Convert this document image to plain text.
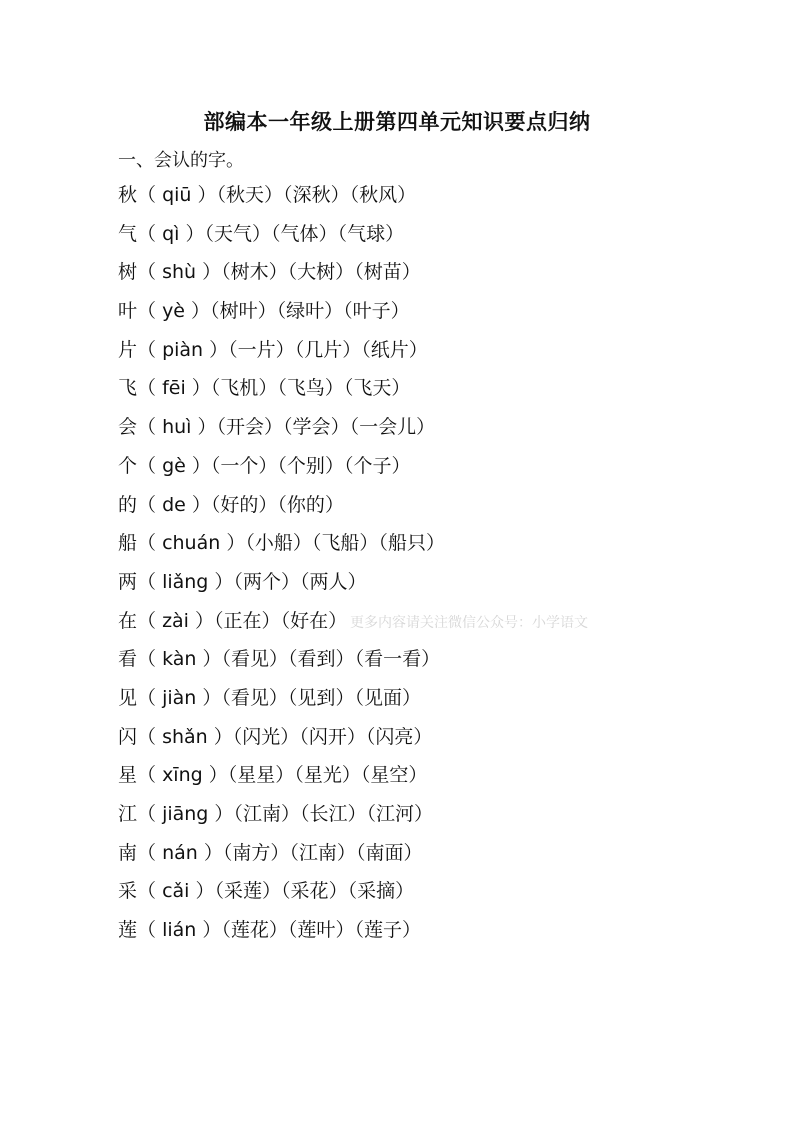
部编本一年级上册第四单元知识要点归纳
一、会认的字。
秋（ qiū ）（秋天）（深秋）（秋风）
气（ qì ）（天气）（气体）（气球）
树（ shù ）（树木）（大树）（树苗）
叶（ yè ）（树叶）（绿叶）（叶子）
片（ piàn ）（一片）（几片）（纸片）
飞（ fēi ）（飞机）（飞鸟）（飞天）
会（ huì ）（开会）（学会）（一会儿）
个（ gè ）（一个）（个别）（个子）
的（ de ）（好的）（你的）
船（ chuán ）（小船）（飞船）（船只）
两（ liǎng ）（两个）（两人）
在（ zài ）（正在）（好在）
看（ kàn ）（看见）（看到）（看一看）
见（ jiàn ）（看见）（见到）（见面）
闪（ shǎn ）（闪光）（闪开）（闪亮）
星（ xīng ）（星星）（星光）（星空）
江（ jiāng ）（江南）（长江）（江河）
南（ nán ）（南方）（江南）（南面）
采（ cǎi ）（采莲）（采花）（采摘）
莲（ lián ）（莲花）（莲叶）（莲子）
更多内容请关注微信公众号：小学语文
